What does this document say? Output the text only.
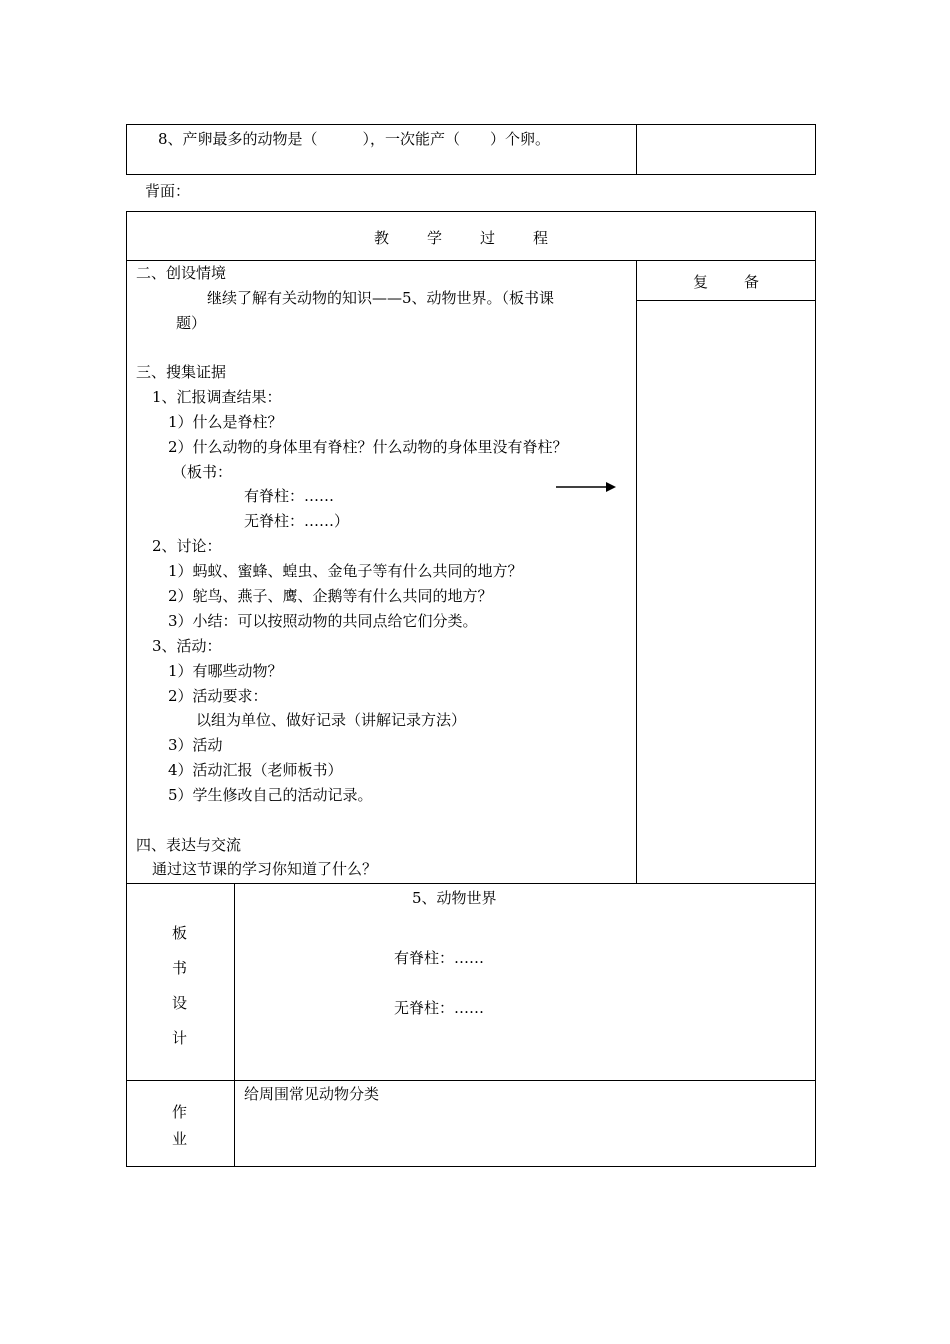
8、产卵最多的动物是（　　　），一次能产（　　）个卵。
背面：
教学过程
复备
二、创设情境
继续了解有关动物的知识——5、动物世界。（板书课
题）
三、搜集证据
1、汇报调查结果：
1）什么是脊柱？
2）什么动物的身体里有脊柱？什么动物的身体里没有脊柱？
（板书：
有脊柱：……
无脊柱：……）
2、讨论：
1）蚂蚁、蜜蜂、蝗虫、金龟子等有什么共同的地方？
2）鸵鸟、燕子、鹰、企鹅等有什么共同的地方？
3）小结：可以按照动物的共同点给它们分类。
3、活动：
1）有哪些动物？
2）活动要求：
以组为单位、做好记录（讲解记录方法）
3）活动
4）活动汇报（老师板书）
5）学生修改自己的活动记录。
四、表达与交流
通过这节课的学习你知道了什么？
板
书
设
计
5、动物世界
有脊柱：……
无脊柱：……
作
业
给周围常见动物分类
